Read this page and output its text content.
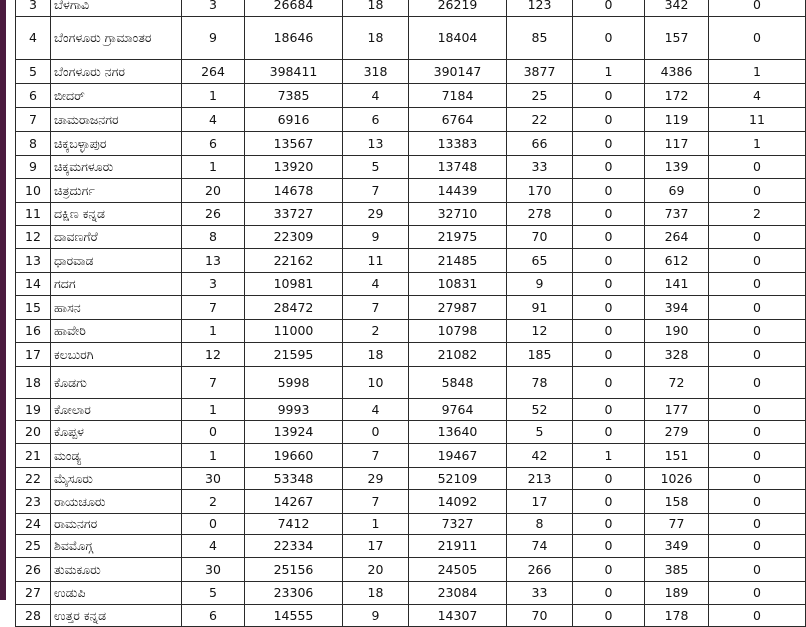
3	ಬೆಳಗಾವಿ	3	26684	18	26219	123	0	342	0
4	ಬೆಂಗಳೂರು ಗ್ರಾಮಾಂತರ	9	18646	18	18404	85	0	157	0
5	ಬೆಂಗಳೂರು ನಗರ	264	398411	318	390147	3877	1	4386	1
6	ಬೀದರ್	1	7385	4	7184	25	0	172	4
7	ಚಾಮರಾಜನಗರ	4	6916	6	6764	22	0	119	11
8	ಚಿಕ್ಕಬಳ್ಳಾಪುರ	6	13567	13	13383	66	0	117	1
9	ಚಿಕ್ಕಮಗಳೂರು	1	13920	5	13748	33	0	139	0
10	ಚಿತ್ರದುರ್ಗ	20	14678	7	14439	170	0	69	0
11	ದಕ್ಷಿಣ ಕನ್ನಡ	26	33727	29	32710	278	0	737	2
12	ದಾವಣಗೆರೆ	8	22309	9	21975	70	0	264	0
13	ಧಾರವಾಡ	13	22162	11	21485	65	0	612	0
14	ಗದಗ	3	10981	4	10831	9	0	141	0
15	ಹಾಸನ	7	28472	7	27987	91	0	394	0
16	ಹಾವೇರಿ	1	11000	2	10798	12	0	190	0
17	ಕಲಬುರಗಿ	12	21595	18	21082	185	0	328	0
18	ಕೊಡಗು	7	5998	10	5848	78	0	72	0
19	ಕೋಲಾರ	1	9993	4	9764	52	0	177	0
20	ಕೊಪ್ಪಳ	0	13924	0	13640	5	0	279	0
21	ಮಂಡ್ಯ	1	19660	7	19467	42	1	151	0
22	ಮೈಸೂರು	30	53348	29	52109	213	0	1026	0
23	ರಾಯಚೂರು	2	14267	7	14092	17	0	158	0
24	ರಾಮನಗರ	0	7412	1	7327	8	0	77	0
25	ಶಿವಮೊಗ್ಗ	4	22334	17	21911	74	0	349	0
26	ತುಮಕೂರು	30	25156	20	24505	266	0	385	0
27	ಉಡುಪಿ	5	23306	18	23084	33	0	189	0
28	ಉತ್ತರ ಕನ್ನಡ	6	14555	9	14307	70	0	178	0
